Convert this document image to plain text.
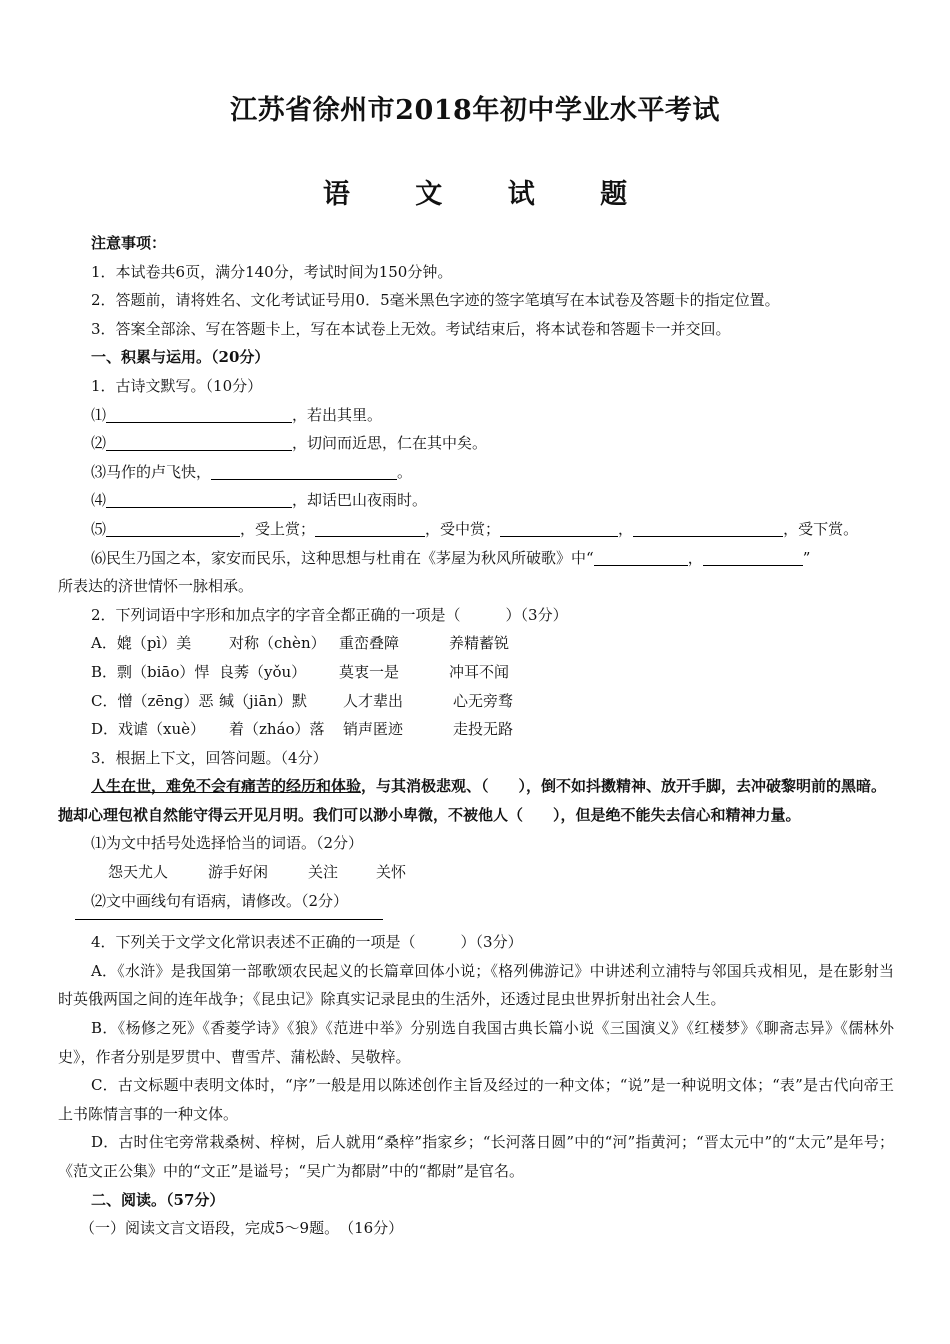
江苏省徐州市2018年初中学业水平考试
语 文 试 题
注意事项：
1．本试卷共6页，满分140分，考试时间为150分钟。
2．答题前，请将姓名、文化考试证号用0．5毫米黑色字迹的签字笔填写在本试卷及答题卡的指定位置。
3．答案全部涂、写在答题卡上，写在本试卷上无效。考试结束后，将本试卷和答题卡一并交回。
一、积累与运用。（20分）
1．古诗文默写。（10分）
⑴	，若出其里。
⑵	，切问而近思，仁在其中矣。
⑶马作的卢飞快，	。
⑷	，却话巴山夜雨时。
⑸	，受上赏；	，受中赏；	，	，受下赏。
⑹民生乃国之本，家安而民乐，这种思想与杜甫在《茅屋为秋风所破歌》中“	，	”
所表达的济世情怀一脉相承。
2．下列词语中字形和加点字的字音全都正确的一项是（　　　）（3分）
A．媲（pì）美	对称（chèn） 重峦叠障	养精蓄锐
B．剽（biāo）悍 良莠（yǒu） 莫衷一是	冲耳不闻
C．憎（zēng）恶 缄（jiān）默 人才辈出	心无旁骛
D．戏谑（xuè） 着（zháo）落 销声匿迹	走投无路
3．根据上下文，回答问题。（4分）
人生在世，难免不会有痛苦的经历和体验，与其消极悲观、（　　），倒不如抖擞精神、放开手脚，去冲破黎明前的黑暗。抛却心理包袱自然能守得云开见月明。我们可以渺小卑微，不被他人（　　），但是绝不能失去信心和精神力量。
⑴为文中括号处选择恰当的词语。（2分）
怨天尤人	游手好闲	关注	关怀
⑵文中画线句有语病，请修改。（2分）
4．下列关于文学文化常识表述不正确的一项是（　　　）（3分）
A．《水浒》是我国第一部歌颂农民起义的长篇章回体小说；《格列佛游记》中讲述利立浦特与邻国兵戎相见，是在影射当时英俄两国之间的连年战争；《昆虫记》除真实记录昆虫的生活外，还透过昆虫世界折射出社会人生。
B．《杨修之死》《香菱学诗》《狼》《范进中举》分别选自我国古典长篇小说《三国演义》《红楼梦》《聊斋志异》《儒林外史》，作者分别是罗贯中、曹雪芹、蒲松龄、吴敬梓。
C．古文标题中表明文体时，“序”一般是用以陈述创作主旨及经过的一种文体；“说”是一种说明文体；“表”是古代向帝王上书陈情言事的一种文体。
D．古时住宅旁常栽桑树、梓树，后人就用“桑梓”指家乡；“长河落日圆”中的“河”指黄河；“晋太元中”的“太元”是年号；《范文正公集》中的“文正”是谥号；“吴广为都尉”中的“都尉”是官名。
二、阅读。（57分）
（一）阅读文言文语段，完成5～9题。　（16分）
